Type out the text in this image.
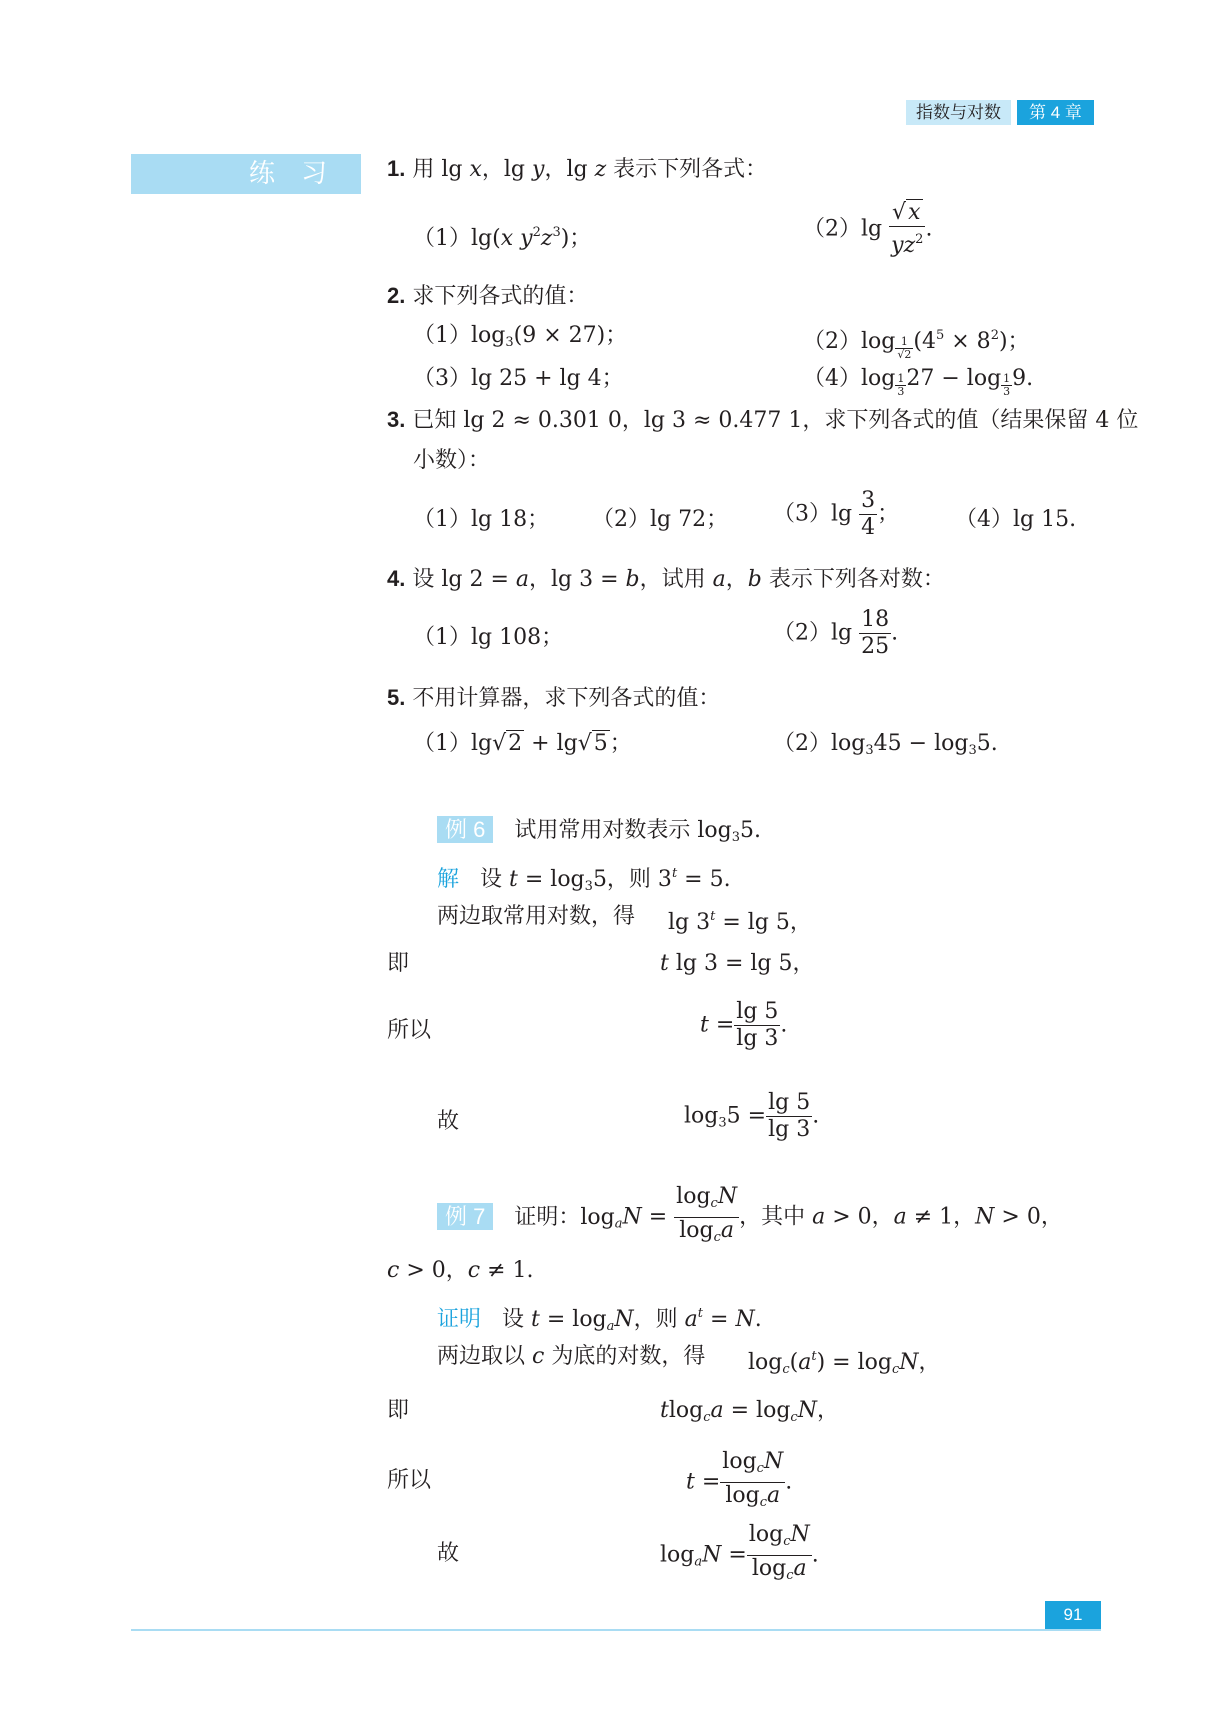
指数与对数 第 4 章
练　习	1. 用 lg x，lg y，lg z 表示下列各式：
（1）lg(x $y^2z^3$)；	$(2)\lg \frac{√x}{yz^2}$ .
2. 求下列各式的值：
$(1)\log_3(9 \times 27)$；	$(2)\log \frac{1}{√2} (4^5 \times 8^2)$；
（3）lg 25 + lg 4；	$(4)\log \frac{1}{3} 27 - \log \frac{1}{3} 9$.
3. 已知 lg 2 ≈ 0.301 0，lg 3 ≈ 0.477 1，求下列各式的值（结果保留 4 位
小数）：
（1）lg 18； （2）lg 72； $(3)\lg \frac{3}{4}$ ；	（4）lg 15.
4. 设 lg 2 = a，lg 3 = b，试用 a，b 表示下列各对数：
（1）lg 108；	$(2)\lg \frac{18}{25}$ .
5. 不用计算器，求下列各式的值：
（1）lg√2 + lg√5；	$(2)\log_345 - \log_35$.
例 6 试用常用对数表示 $\log_35$.
解 设 $t = \log_35$，则 $3^t = 5$.
两边取常用对数，得 $\lg 3^t = \lg 5$，
即	t lg 3 = lg 5，
所以	$t = \frac{\lg 5}{\lg 3}$ .
故	$\log_35 = \frac{\lg 5}{\lg 3}$ .
例 7 证明：$\log_aN = \frac{\log_cN}{\log_ca}$ ，其中 a > 0，a ≠ 1，N > 0，
c > 0，c ≠ 1.
证明 设 $t = \log_aN$，则 $a^t = N$.
两边取以 c 为底的对数，得 $\log_c(a^t) = \log_cN$，
即	$tlog_ca = \log_cN$，
所以	$t = \frac{\log_cN}{\log_ca}$ .
故	$\log_aN = \frac{\log_cN}{\log_ca}$ .
91
